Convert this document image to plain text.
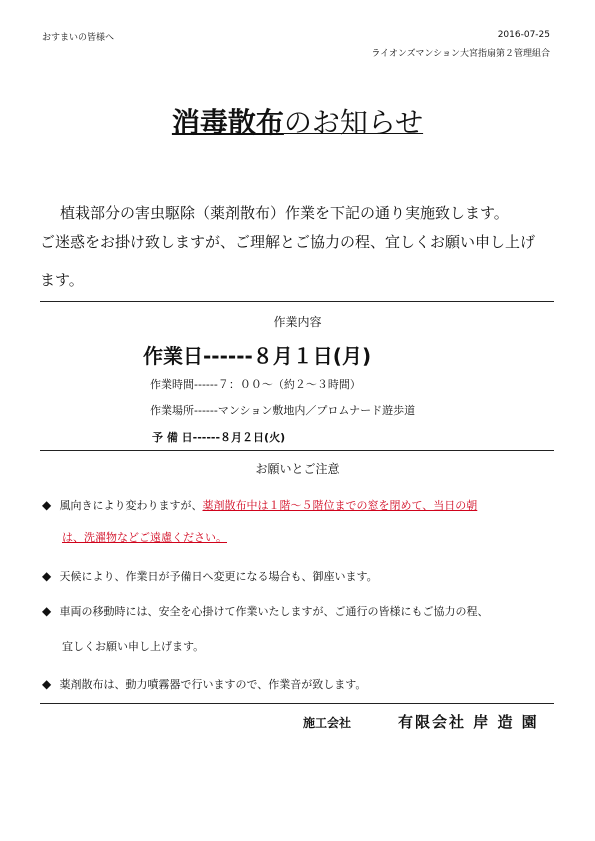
おすまいの皆様へ	2016-07-25
ライオンズマンション大宮指扇第２管理組合
消毒散布のお知らせ
植栽部分の害虫駆除（薬剤散布）作業を下記の通り実施致します。
ご迷惑をお掛け致しますが、ご理解とご協力の程、宜しくお願い申し上げ
ます。
作業内容
作業日------８月１日(月)
作業時間------７：００～（約２～３時間）
作業場所------マンション敷地内／プロムナード遊歩道
予 備 日------８月２日(火)
お願いとご注意
◆ 風向きにより変わりますが、薬剤散布中は１階～５階位までの窓を閉めて、当日の朝
は、洗濯物などご遠慮ください。
◆ 天候により、作業日が予備日へ変更になる場合も、御座います。
◆ 車両の移動時には、安全を心掛けて作業いたしますが、ご通行の皆様にもご協力の程、
宜しくお願い申し上げます。
◆ 薬剤散布は、動力噴霧器で行いますので、作業音が致します。
施工会社	有限会社 岸 造 園
